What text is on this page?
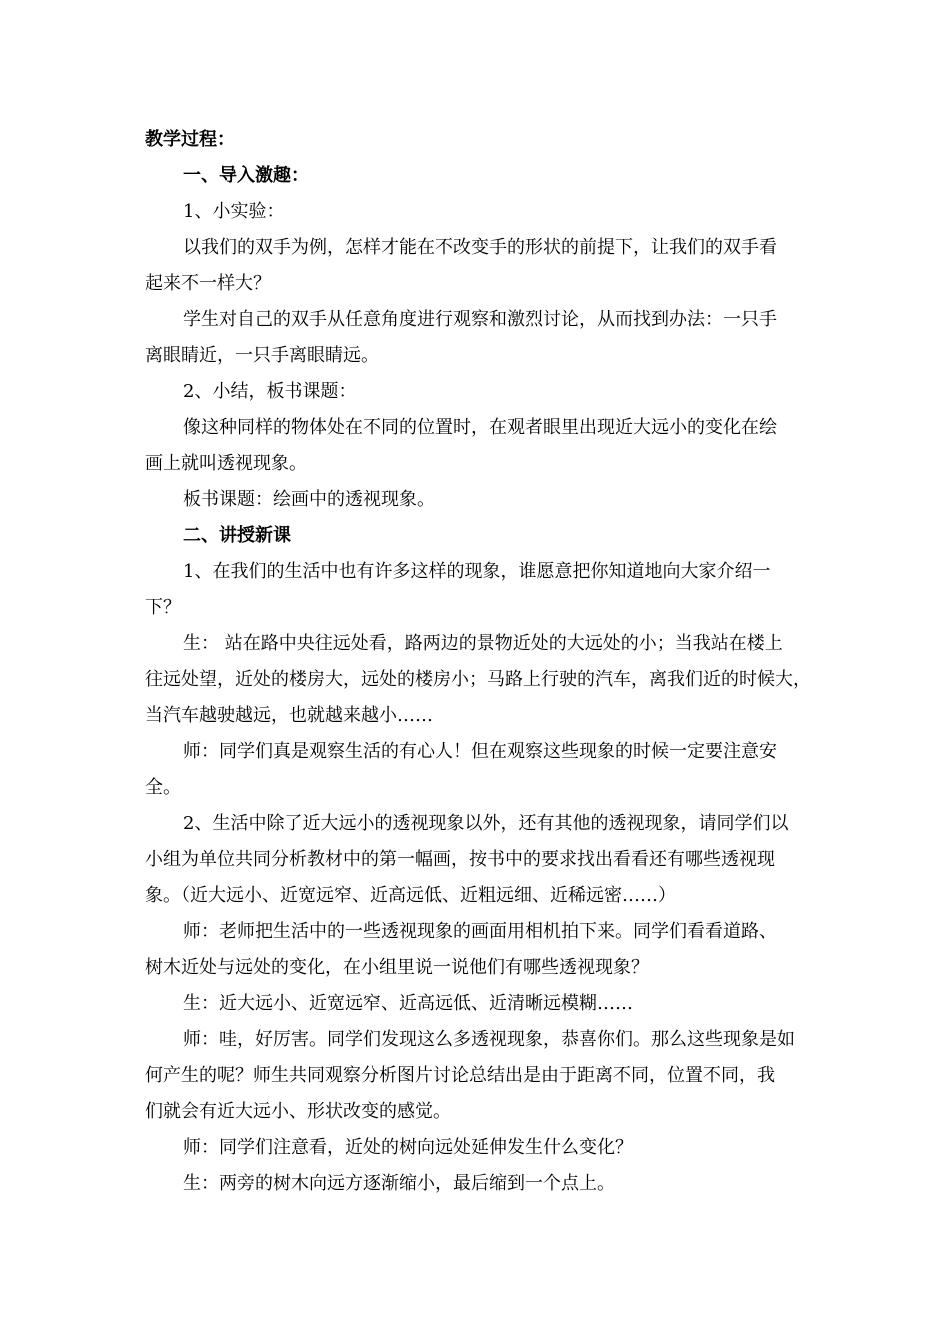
教学过程：
一、导入激趣：
1、小实验：
以我们的双手为例，怎样才能在不改变手的形状的前提下，让我们的双手看
起来不一样大？
学生对自己的双手从任意角度进行观察和激烈讨论，从而找到办法：一只手
离眼睛近，一只手离眼睛远。
2、小结，板书课题：
像这种同样的物体处在不同的位置时，在观者眼里出现近大远小的变化在绘
画上就叫透视现象。
板书课题：绘画中的透视现象。
二、讲授新课
1、在我们的生活中也有许多这样的现象，谁愿意把你知道地向大家介绍一
下？
生： 站在路中央往远处看，路两边的景物近处的大远处的小；当我站在楼上
往远处望，近处的楼房大，远处的楼房小；马路上行驶的汽车，离我们近的时候大，
当汽车越驶越远，也就越来越小……
师：同学们真是观察生活的有心人！但在观察这些现象的时候一定要注意安
全。
2、生活中除了近大远小的透视现象以外，还有其他的透视现象，请同学们以
小组为单位共同分析教材中的第一幅画，按书中的要求找出看看还有哪些透视现
象。（近大远小、近宽远窄、近高远低、近粗远细、近稀远密……）
师：老师把生活中的一些透视现象的画面用相机拍下来。同学们看看道路、
树木近处与远处的变化，在小组里说一说他们有哪些透视现象？
生：近大远小、近宽远窄、近高远低、近清晰远模糊……
师：哇，好厉害。同学们发现这么多透视现象，恭喜你们。那么这些现象是如
何产生的呢？师生共同观察分析图片讨论总结出是由于距离不同，位置不同，我
们就会有近大远小、形状改变的感觉。
师：同学们注意看，近处的树向远处延伸发生什么变化？
生：两旁的树木向远方逐渐缩小，最后缩到一个点上。
